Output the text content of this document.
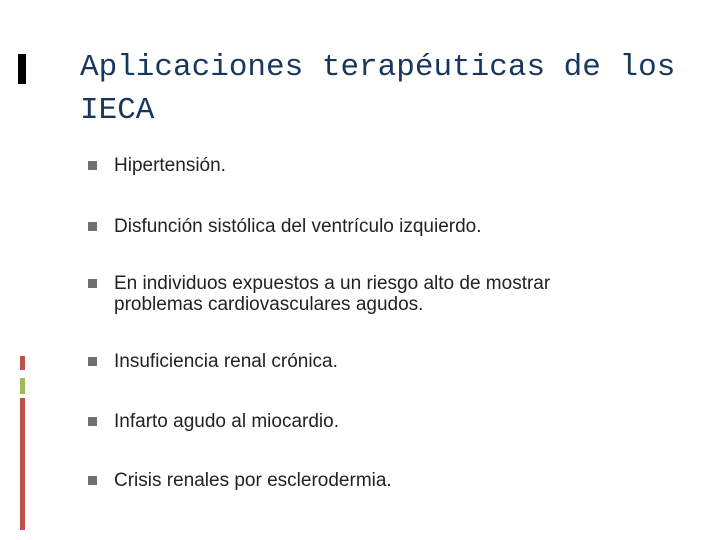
Aplicaciones terapéuticas de los IECA
Hipertensión.
Disfunción sistólica del ventrículo izquierdo.
En individuos expuestos a un riesgo alto de mostrar problemas cardiovasculares agudos.
Insuficiencia renal crónica.
Infarto agudo al miocardio.
Crisis renales por esclerodermia.
